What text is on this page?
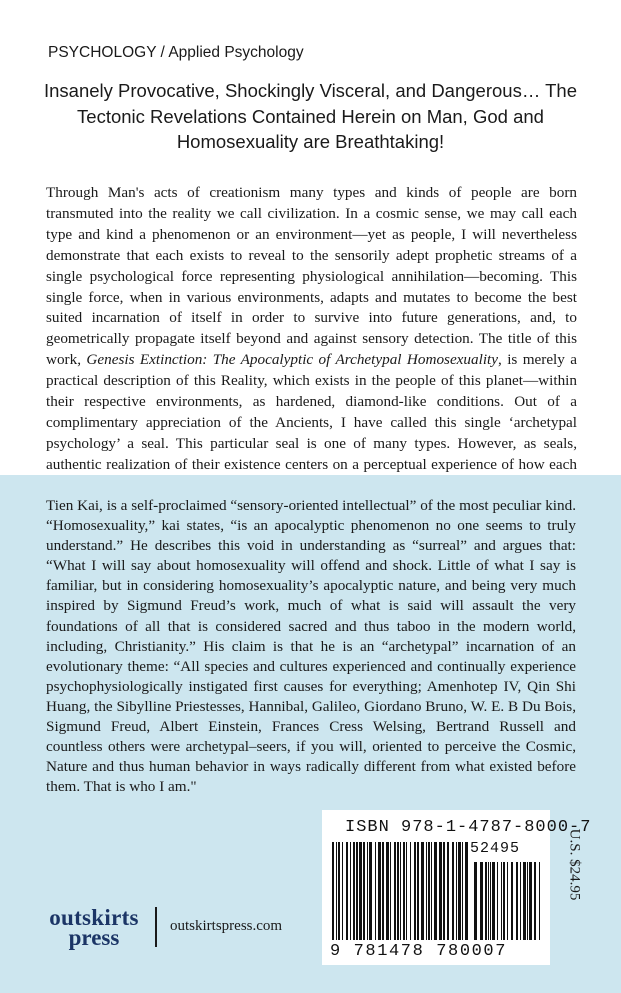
PSYCHOLOGY / Applied Psychology
Insanely Provocative, Shockingly Visceral, and Dangerous… The Tectonic Revelations Contained Herein on Man, God and Homosexuality are Breathtaking!
Through Man's acts of creationism many types and kinds of people are born transmuted into the reality we call civilization. In a cosmic sense, we may call each type and kind a phenomenon or an environment—yet as people, I will nevertheless demonstrate that each exists to reveal to the sensorily adept prophetic streams of a single psychological force representing physiological annihilation—becoming. This single force, when in various environments, adapts and mutates to become the best suited incarnation of itself in order to survive into future generations, and, to geometrically propagate itself beyond and against sensory detection. The title of this work, Genesis Extinction: The Apocalyptic of Archetypal Homosexuality, is merely a practical description of this Reality, which exists in the people of this planet—within their respective environments, as hardened, diamond-like conditions. Out of a complimentary appreciation of the Ancients, I have called this single ‘archetypal psychology’ a seal. This particular seal is one of many types. However, as seals, authentic realization of their existence centers on a perceptual experience of how each
Tien Kai, is a self-proclaimed “sensory-oriented intellectual” of the most peculiar kind. “Homosexuality,” kai states, “is an apocalyptic phenomenon no one seems to truly understand.” He describes this void in understanding as “surreal” and argues that: “What I will say about homosexuality will offend and shock. Little of what I say is familiar, but in considering homosexuality’s apocalyptic nature, and being very much inspired by Sigmund Freud’s work, much of what is said will assault the very foundations of all that is considered sacred and thus taboo in the modern world, including, Christianity.” His claim is that he is an “archetypal” incarnation of an evolutionary theme: “All species and cultures experienced and continually experience psychophysiologically instigated first causes for everything; Amenhotep IV, Qin Shi Huang, the Sibylline Priestesses, Hannibal, Galileo, Giordano Bruno, W. E. B Du Bois, Sigmund Freud, Albert Einstein, Frances Cress Welsing, Bertrand Russell and countless others were archetypal–seers, if you will, oriented to perceive the Cosmic, Nature and thus human behavior in ways radically different from what existed before them. That is who I am."
outskirts
press	outskirtspress.com
ISBN 978-1-4787-8000-7
52495
9 781478 780007
U.S. $24.95
